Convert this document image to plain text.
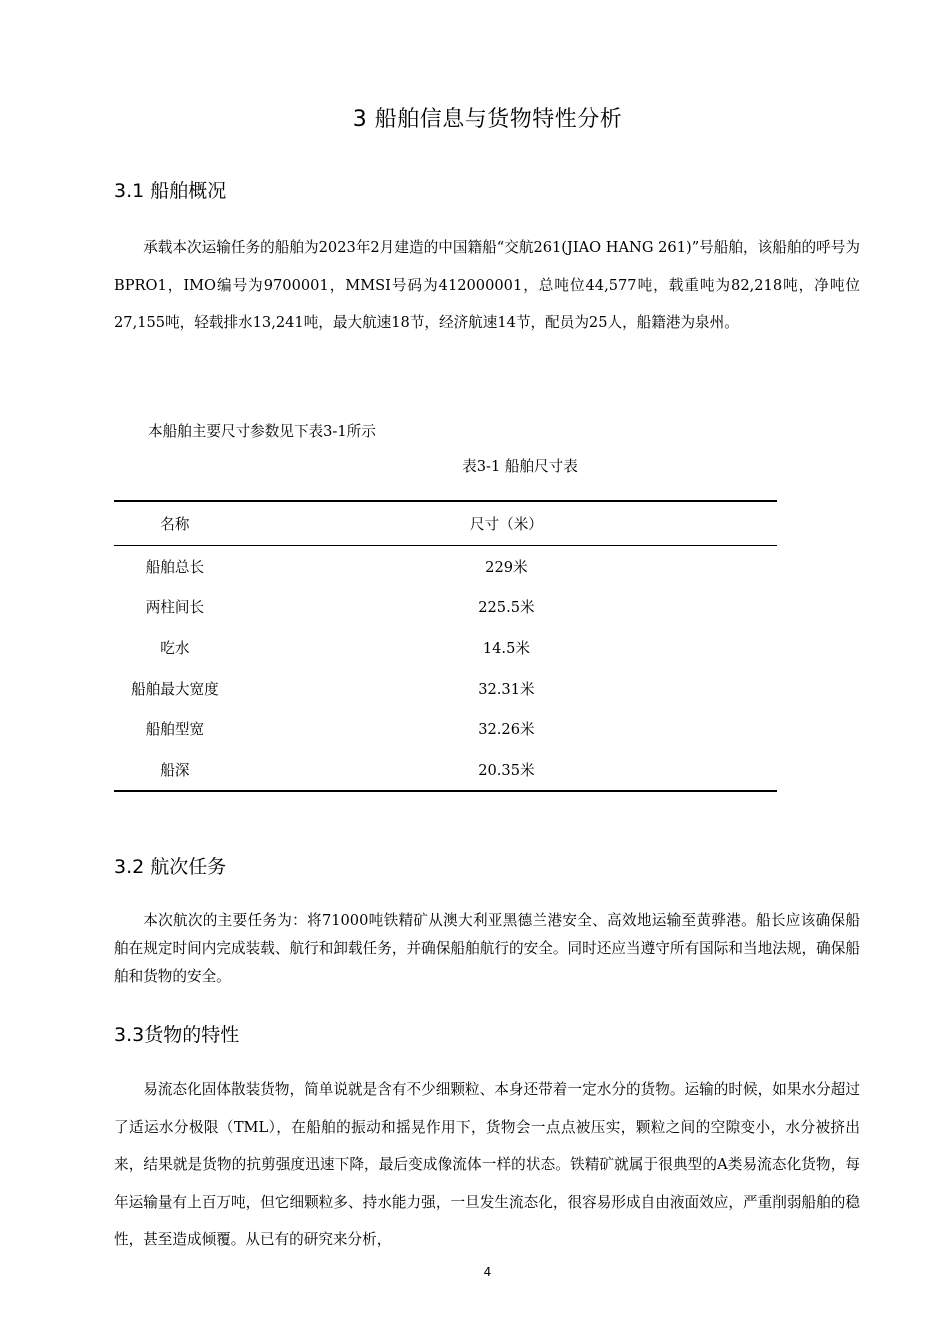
3 船舶信息与货物特性分析
3.1 船舶概况

承载本次运输任务的船舶为2023年2月建造的中国籍船“交航261(JIAO HANG 261)”号船舶，该船舶的呼号为BPRO1，IMO编号为9700001，MMSI号码为412000001，总吨位44,577吨，载重吨为82,218吨，净吨位27,155吨，轻载排水13,241吨，最大航速18节，经济航速14节，配员为25人，船籍港为泉州。

本船舶主要尺寸参数见下表3-1所示
表3-1 船舶尺寸表
名称	尺寸（米）
船舶总长	229米
两柱间长	225.5米
吃水	14.5米
船舶最大宽度	32.31米
船舶型宽	32.26米
船深	20.35米
3.2 航次任务

本次航次的主要任务为：将71000吨铁精矿从澳大利亚黑德兰港安全、高效地运输至黄骅港。船长应该确保船舶在规定时间内完成装载、航行和卸载任务，并确保船舶航行的安全。同时还应当遵守所有国际和当地法规，确保船舶和货物的安全。

3.3货物的特性

易流态化固体散装货物，简单说就是含有不少细颗粒、本身还带着一定水分的货物。运输的时候，如果水分超过了适运水分极限（TML），在船舶的振动和摇晃作用下，货物会一点点被压实，颗粒之间的空隙变小，水分被挤出来，结果就是货物的抗剪强度迅速下降，最后变成像流体一样的状态。铁精矿就属于很典型的A类易流态化货物，每年运输量有上百万吨，但它细颗粒多、持水能力强，一旦发生流态化，很容易形成自由液面效应，严重削弱船舶的稳性，甚至造成倾覆。从已有的研究来分析，

4
